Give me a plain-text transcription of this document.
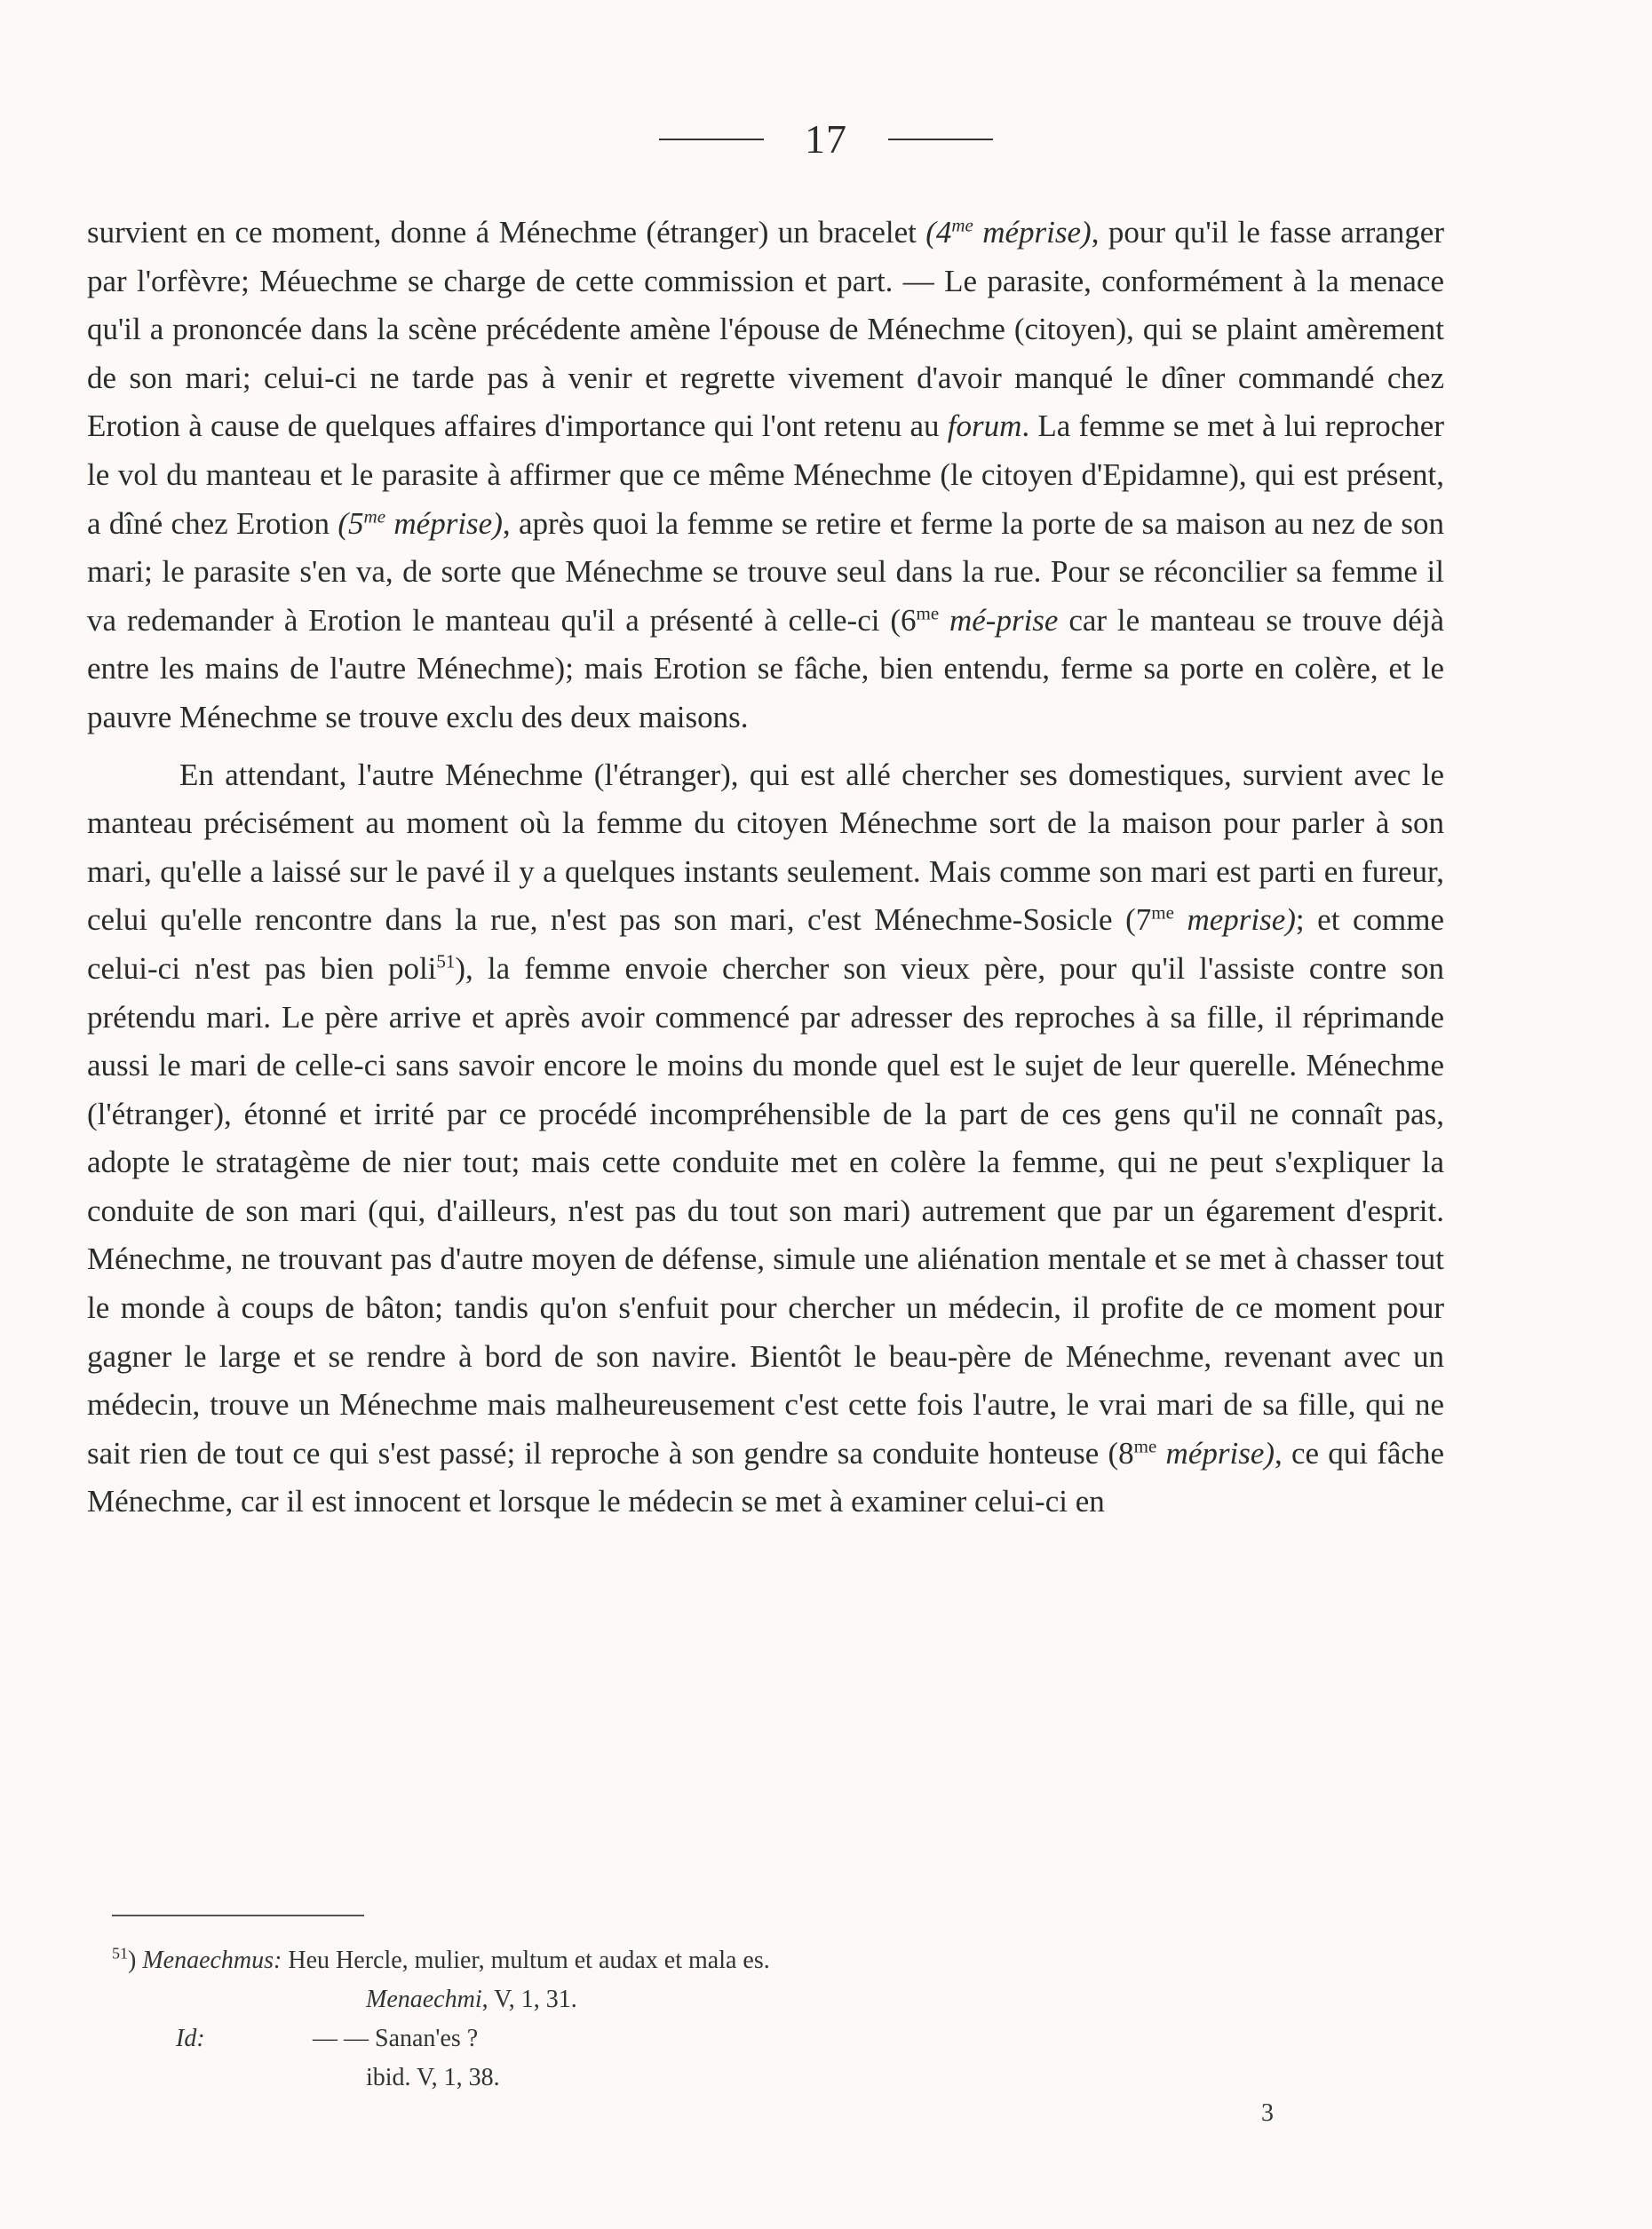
17

survient en ce moment, donne á Ménechme (étranger) un bracelet ($4^{me}$ méprise), pour qu'il le fasse arranger par l'orfèvre; Méuechme se charge de cette commission et part. — Le parasite, conformément à la menace qu'il a prononcée dans la scène précédente amène l'épouse de Ménechme (citoyen), qui se plaint amèrement de son mari; celui-ci ne tarde pas à venir et regrette vivement d'avoir manqué le dîner commandé chez Erotion à cause de quelques affaires d'importance qui l'ont retenu au forum. La femme se met à lui reprocher le vol du manteau et le parasite à affirmer que ce même Ménechme (le citoyen d'Epidamne), qui est présent, a dîné chez Erotion ($5^{me}$ méprise), après quoi la femme se retire et ferme la porte de sa maison au nez de son mari; le parasite s'en va, de sorte que Ménechme se trouve seul dans la rue. Pour se réconcilier sa femme il va redemander à Erotion le manteau qu'il a présenté à celle-ci ($6^{me}$ mé-prise car le manteau se trouve déjà entre les mains de l'autre Ménechme); mais Erotion se fâche, bien entendu, ferme sa porte en colère, et le pauvre Ménechme se trouve exclu des deux maisons.

En attendant, l'autre Ménechme (l'étranger), qui est allé chercher ses domestiques, survient avec le manteau précisément au moment où la femme du citoyen Ménechme sort de la maison pour parler à son mari, qu'elle a laissé sur le pavé il y a quelques instants seulement. Mais comme son mari est parti en fureur, celui qu'elle rencontre dans la rue, n'est pas son mari, c'est Ménechme-Sosicle ($7^{me}$ meprise); et comme celui-ci n'est pas bien poli$^{51}$), la femme envoie chercher son vieux père, pour qu'il l'assiste contre son prétendu mari. Le père arrive et après avoir commencé par adresser des reproches à sa fille, il réprimande aussi le mari de celle-ci sans savoir encore le moins du monde quel est le sujet de leur querelle. Ménechme (l'étranger), étonné et irrité par ce procédé incompréhensible de la part de ces gens qu'il ne connaît pas, adopte le stratagème de nier tout; mais cette conduite met en colère la femme, qui ne peut s'expliquer la conduite de son mari (qui, d'ailleurs, n'est pas du tout son mari) autrement que par un égarement d'esprit. Ménechme, ne trouvant pas d'autre moyen de défense, simule une aliénation mentale et se met à chasser tout le monde à coups de bâton; tandis qu'on s'enfuit pour chercher un médecin, il profite de ce moment pour gagner le large et se rendre à bord de son navire. Bientôt le beau-père de Ménechme, revenant avec un médecin, trouve un Ménechme mais malheureusement c'est cette fois l'autre, le vrai mari de sa fille, qui ne sait rien de tout ce qui s'est passé; il reproche à son gendre sa conduite honteuse ($8^{me}$ méprise), ce qui fâche Ménechme, car il est innocent et lorsque le médecin se met à examiner celui-ci en

$^{51}$) Menaechmus: Heu Hercle, mulier, multum et audax et mala es.
Menaechmi, V, 1, 31.
Id:	— — Sanan'es ?
ibid. V, 1, 38.
3
